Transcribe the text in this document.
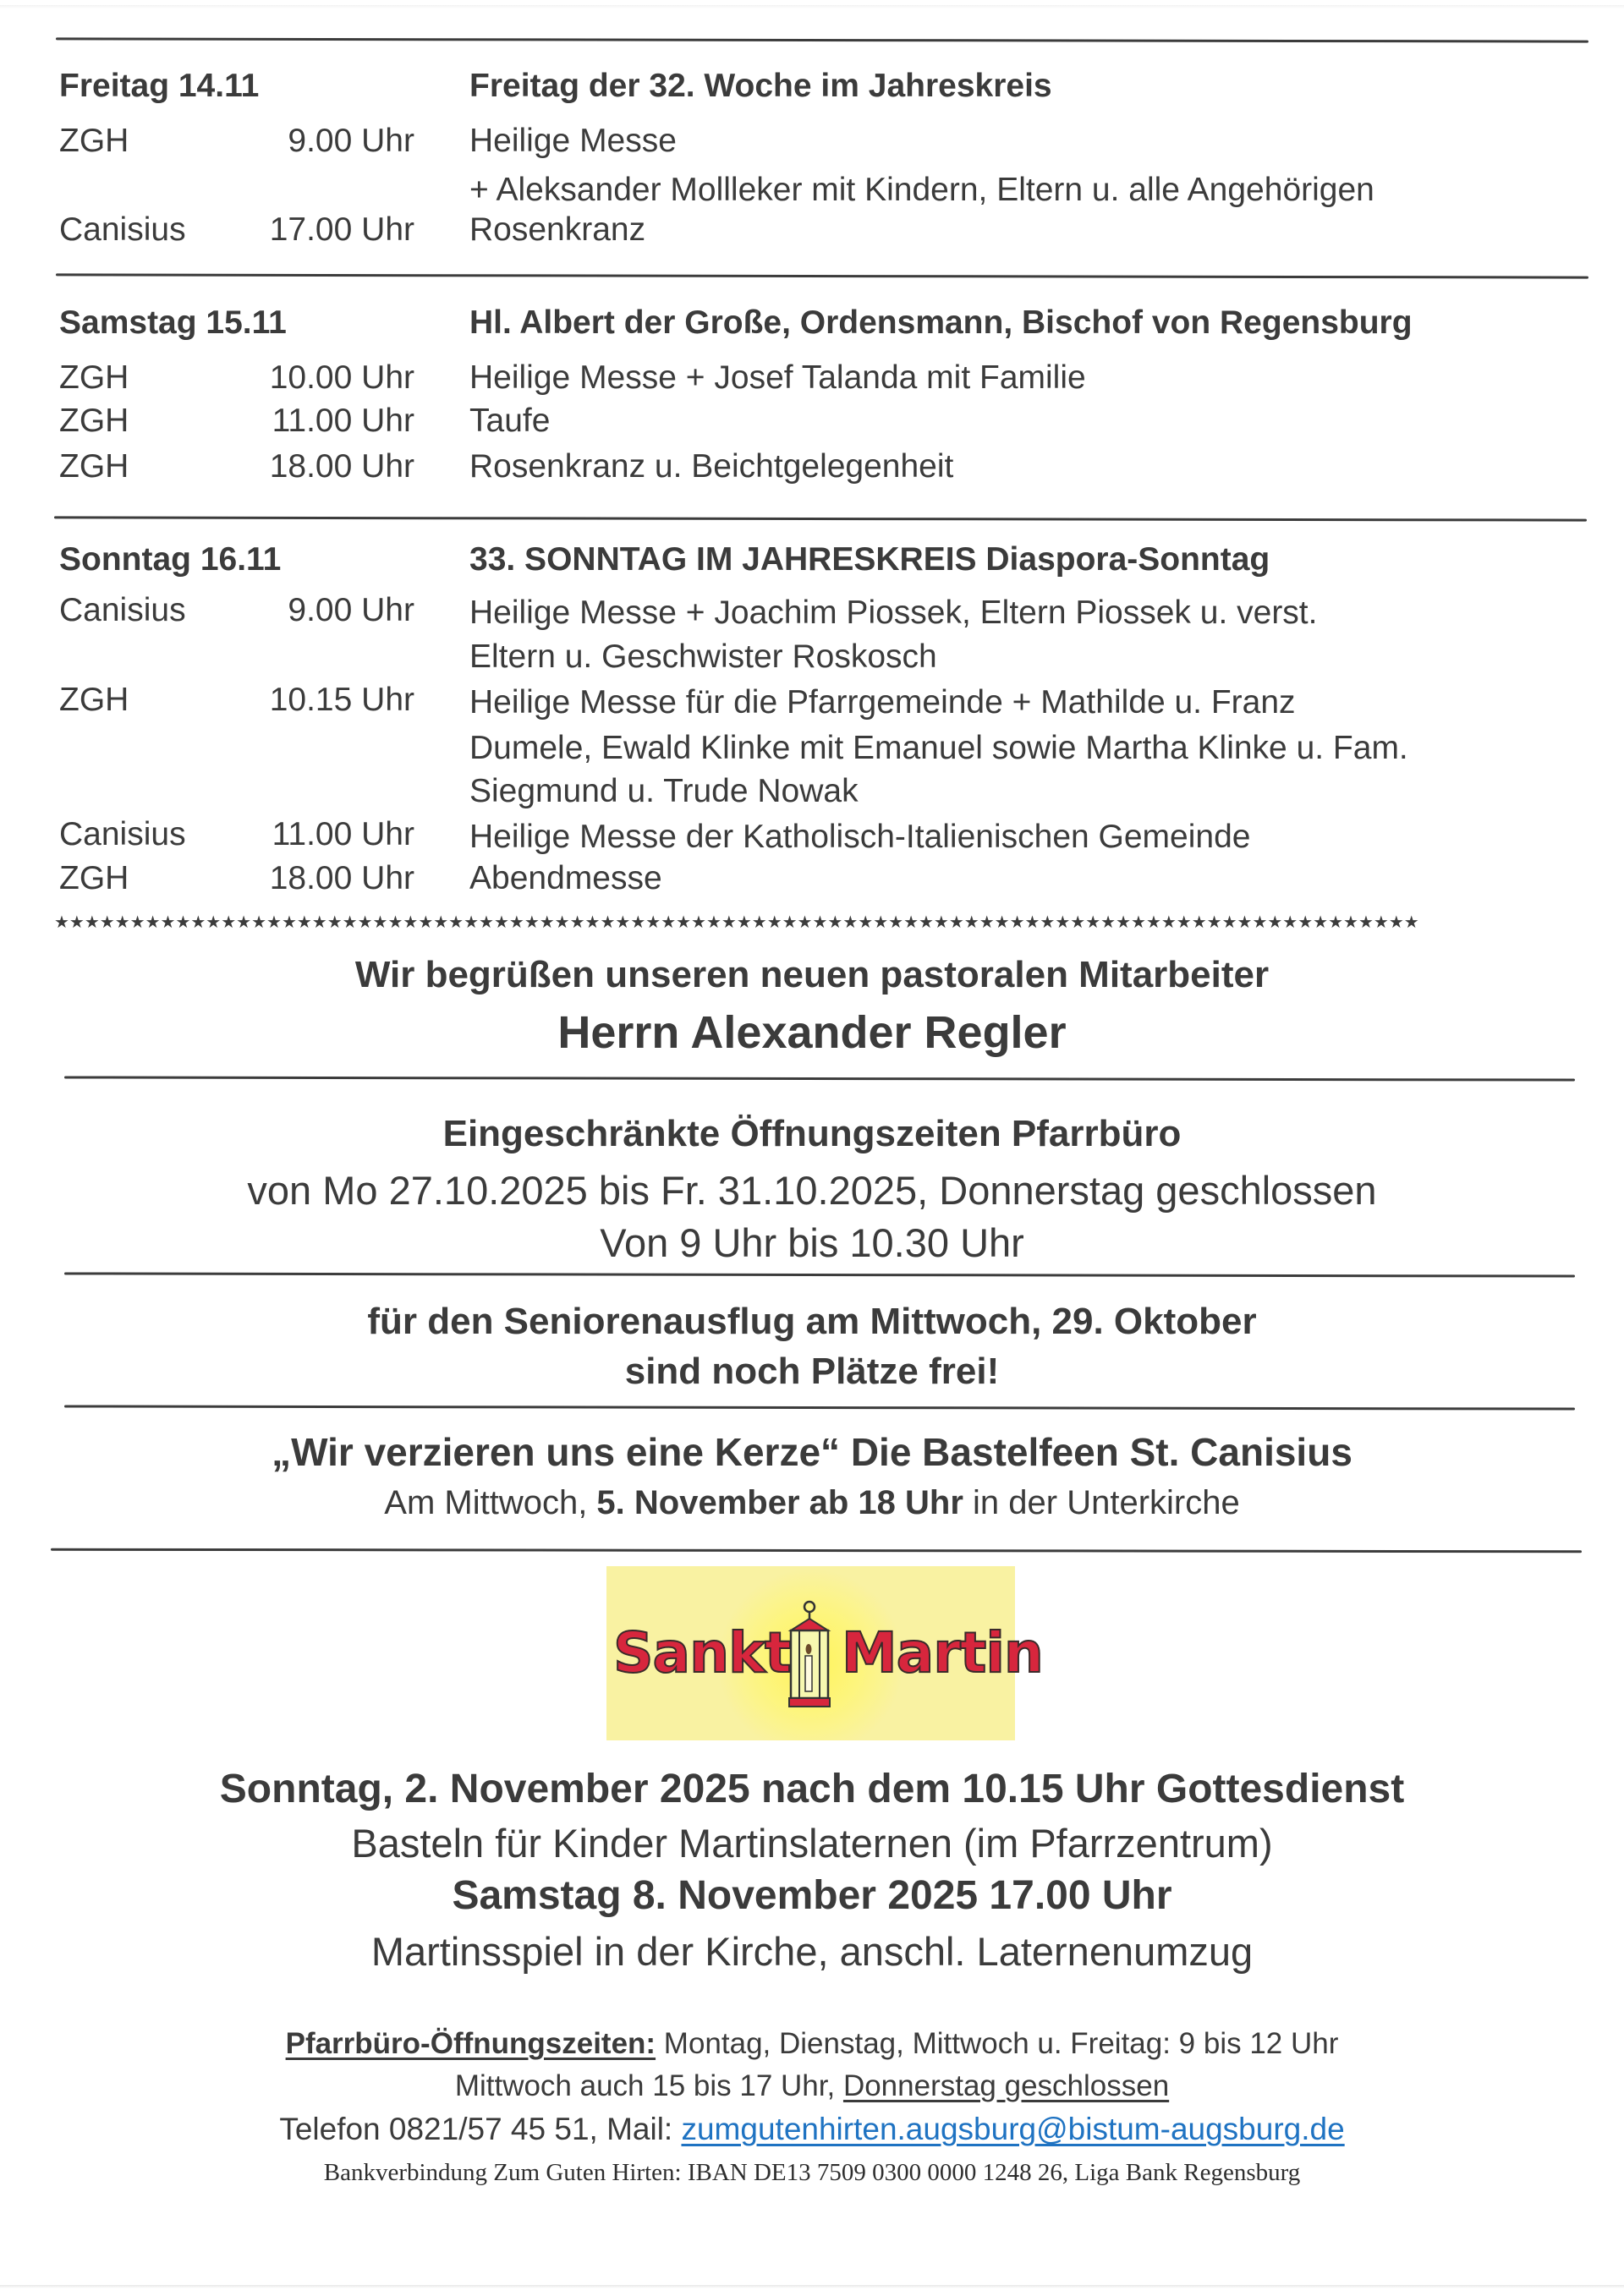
Freitag 14.11	Freitag der 32. Woche im Jahreskreis
ZGH	9.00 Uhr Heilige Messe
+ Aleksander Mollleker mit Kindern, Eltern u. alle Angehörigen
Canisius	17.00 Uhr Rosenkranz
Samstag 15.11	Hl. Albert der Große, Ordensmann, Bischof von Regensburg
ZGH	10.00 Uhr Heilige Messe + Josef Talanda mit Familie
ZGH	11.00 Uhr Taufe
ZGH	18.00 Uhr Rosenkranz u. Beichtgelegenheit
Sonntag 16.11	33. SONNTAG IM JAHRESKREIS Diaspora-Sonntag
Canisius	9.00 Uhr Heilige Messe + Joachim Piossek, Eltern Piossek u. verst.
Eltern u. Geschwister Roskosch
ZGH	10.15 Uhr Heilige Messe für die Pfarrgemeinde + Mathilde u. Franz
Dumele, Ewald Klinke mit Emanuel sowie Martha Klinke u. Fam.
Siegmund u. Trude Nowak
Canisius	11.00 Uhr Heilige Messe der Katholisch-Italienischen Gemeinde
ZGH	18.00 Uhr Abendmesse
★★★★★★★★★★★★★★★★★★★★★★★★★★★★★★★★★★★★★★★★★★★★★★★★★★★★★★★★★★★★★★★★★★★★★★★★★★★★★★★★★★★★★★★★★★
Wir begrüßen unseren neuen pastoralen Mitarbeiter
Herrn Alexander Regler
Eingeschränkte Öffnungszeiten Pfarrbüro
von Mo 27.10.2025 bis Fr. 31.10.2025, Donnerstag geschlossen
Von 9 Uhr bis 10.30 Uhr
für den Seniorenausflug am Mittwoch, 29. Oktober
sind noch Plätze frei!
„Wir verzieren uns eine Kerze“ Die Bastelfeen St. Canisius
Am Mittwoch, 5. November ab 18 Uhr in der Unterkirche
Sankt Martin
Sonntag, 2. November 2025 nach dem 10.15 Uhr Gottesdienst
Basteln für Kinder Martinslaternen (im Pfarrzentrum)
Samstag 8. November 2025 17.00 Uhr
Martinsspiel in der Kirche, anschl. Laternenumzug
Pfarrbüro-Öffnungszeiten: Montag, Dienstag, Mittwoch u. Freitag: 9 bis 12 Uhr
Mittwoch auch 15 bis 17 Uhr, Donnerstag geschlossen
Telefon 0821/57 45 51, Mail: zumgutenhirten.augsburg@bistum-augsburg.de
Bankverbindung Zum Guten Hirten: IBAN DE13 7509 0300 0000 1248 26, Liga Bank Regensburg
